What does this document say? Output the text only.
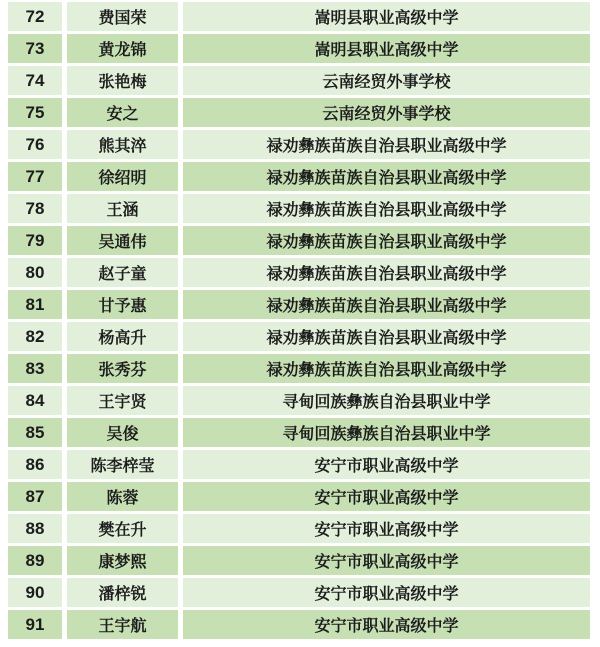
72	费国荣	嵩明县职业高级中学
73	黄龙锦	嵩明县职业高级中学
74	张艳梅	云南经贸外事学校
75	安之	云南经贸外事学校
76	熊其淬	禄劝彝族苗族自治县职业高级中学
77	徐绍明	禄劝彝族苗族自治县职业高级中学
78	王涵	禄劝彝族苗族自治县职业高级中学
79	吴通伟	禄劝彝族苗族自治县职业高级中学
80	赵子童	禄劝彝族苗族自治县职业高级中学
81	甘予惠	禄劝彝族苗族自治县职业高级中学
82	杨高升	禄劝彝族苗族自治县职业高级中学
83	张秀芬	禄劝彝族苗族自治县职业高级中学
84	王宇贤	寻甸回族彝族自治县职业中学
85	吴俊	寻甸回族彝族自治县职业中学
86	陈李梓莹	安宁市职业高级中学
87	陈蓉	安宁市职业高级中学
88	樊在升	安宁市职业高级中学
89	康梦熙	安宁市职业高级中学
90	潘梓锐	安宁市职业高级中学
91	王宇航	安宁市职业高级中学
